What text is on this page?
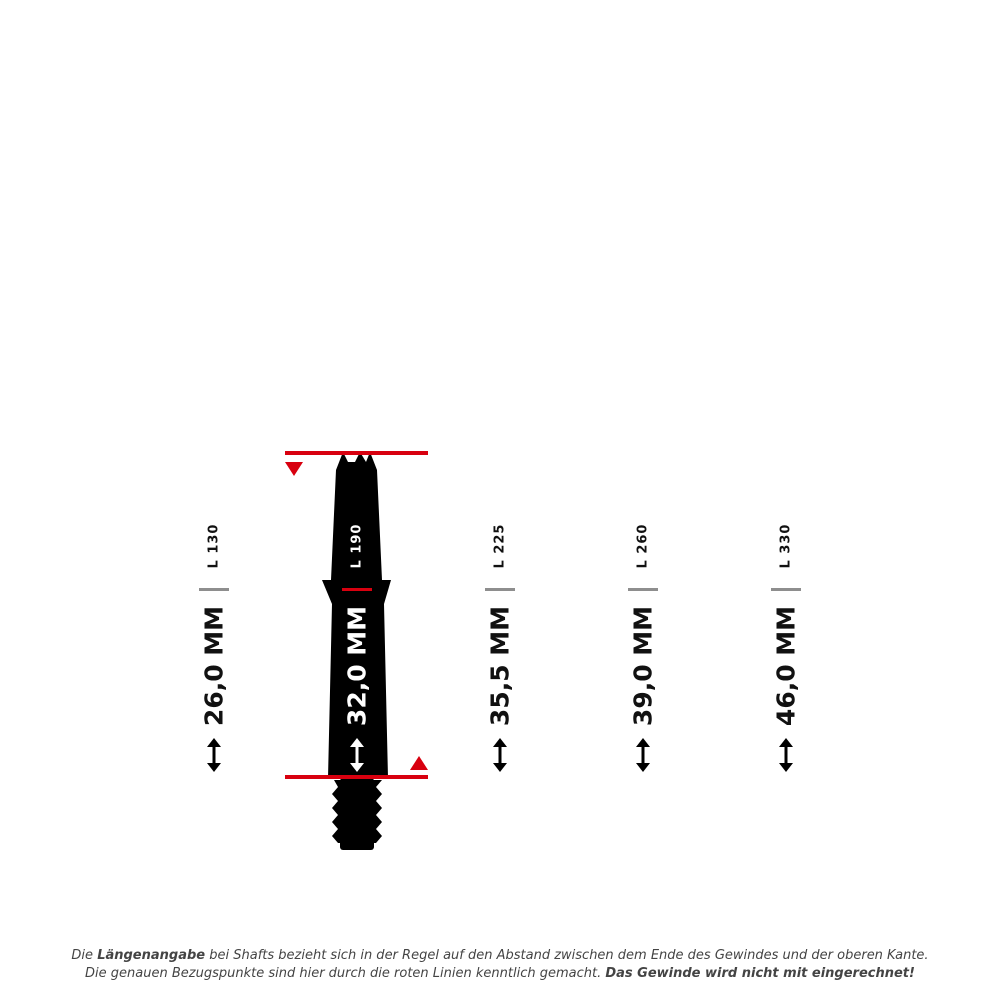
L 130
26,0 MM
L 190
32,0 MM
L 225
35,5 MM
L 260
39,0 MM
L 330
46,0 MM
Die Längenangabe bei Shafts bezieht sich in der Regel auf den Abstand zwischen dem Ende des Gewindes und der oberen Kante.
Die genauen Bezugspunkte sind hier durch die roten Linien kenntlich gemacht. Das Gewinde wird nicht mit eingerechnet!
